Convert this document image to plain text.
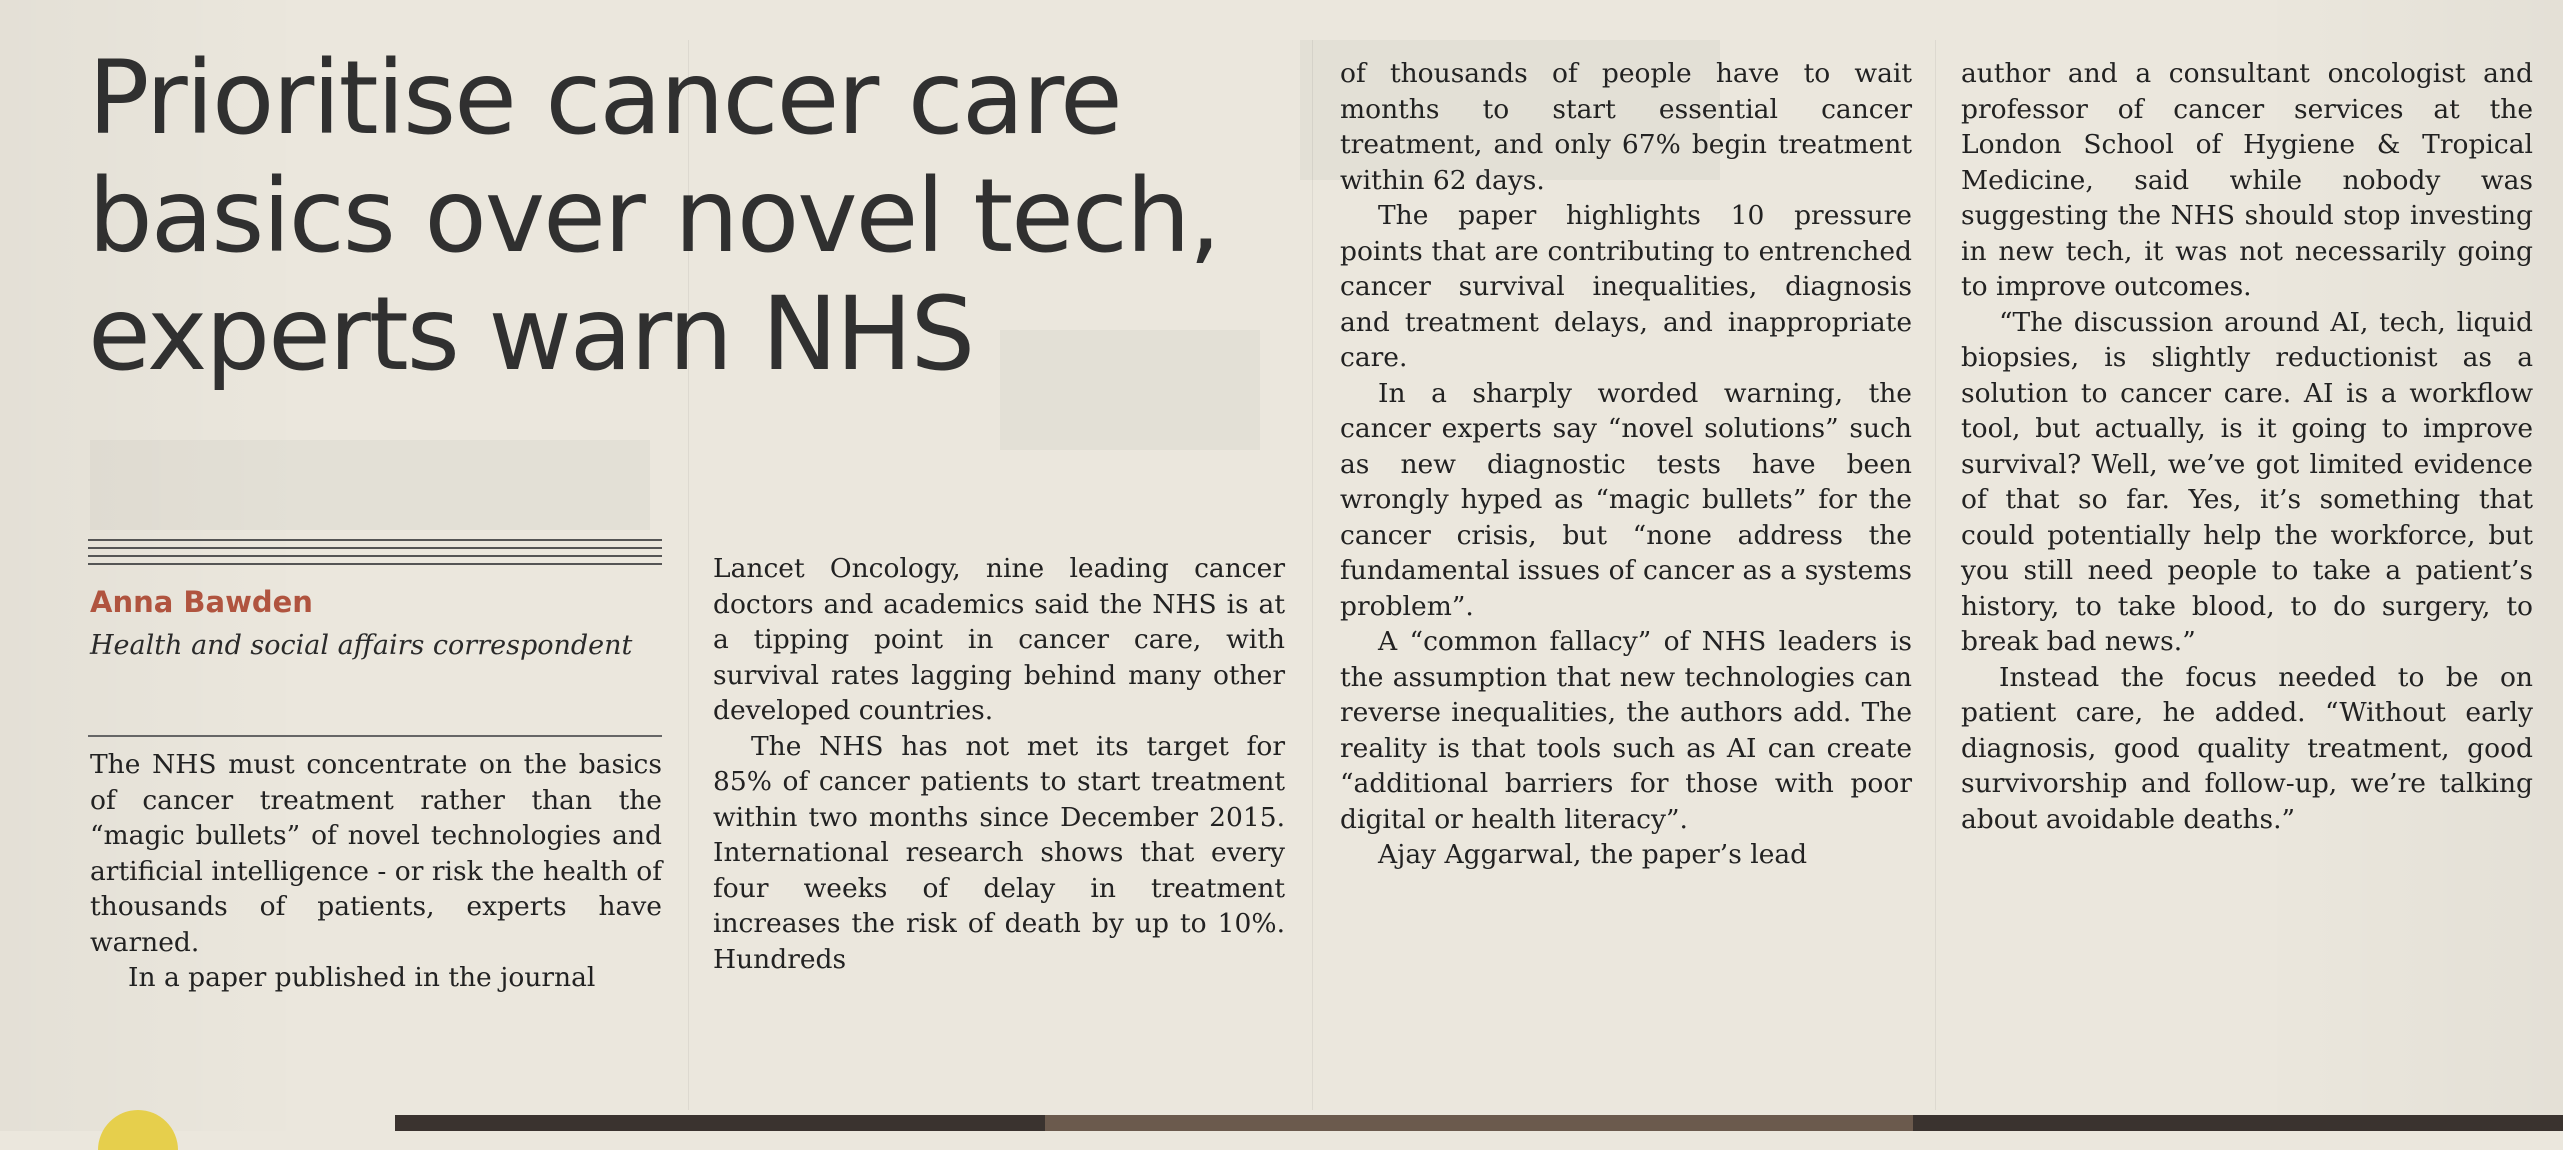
Prioritise cancer care basics over novel tech, experts warn NHS
Anna Bawden
Health and social affairs correspondent

The NHS must concentrate on the basics of cancer treatment rather than the “magic bullets” of novel technologies and artificial intelligence - or risk the health of thousands of patients, experts have warned.

In a paper published in the journal

Lancet Oncology, nine leading cancer doctors and academics said the NHS is at a tipping point in cancer care, with survival rates lagging behind many other developed countries.

The NHS has not met its target for 85% of cancer patients to start treatment within two months since December 2015. International research shows that every four weeks of delay in treatment increases the risk of death by up to 10%. Hundreds

of thousands of people have to wait months to start essential cancer treatment, and only 67% begin treatment within 62 days.

The paper highlights 10 pressure points that are contributing to entrenched cancer survival inequalities, diagnosis and treatment delays, and inappropriate care.

In a sharply worded warning, the cancer experts say “novel solutions” such as new diagnostic tests have been wrongly hyped as “magic bullets” for the cancer crisis, but “none address the fundamental issues of cancer as a systems problem”.

A “common fallacy” of NHS leaders is the assumption that new technologies can reverse inequalities, the authors add. The reality is that tools such as AI can create “additional barriers for those with poor digital or health literacy”.

Ajay Aggarwal, the paper’s lead

author and a consultant oncologist and professor of cancer services at the London School of Hygiene & Tropical Medicine, said while nobody was suggesting the NHS should stop investing in new tech, it was not necessarily going to improve outcomes.

“The discussion around AI, tech, liquid biopsies, is slightly reductionist as a solution to cancer care. AI is a workflow tool, but actually, is it going to improve survival? Well, we’ve got limited evidence of that so far. Yes, it’s something that could potentially help the workforce, but you still need people to take a patient’s history, to take blood, to do surgery, to break bad news.”

Instead the focus needed to be on patient care, he added. “Without early diagnosis, good quality treatment, good survivorship and follow-up, we’re talking about avoidable deaths.”
